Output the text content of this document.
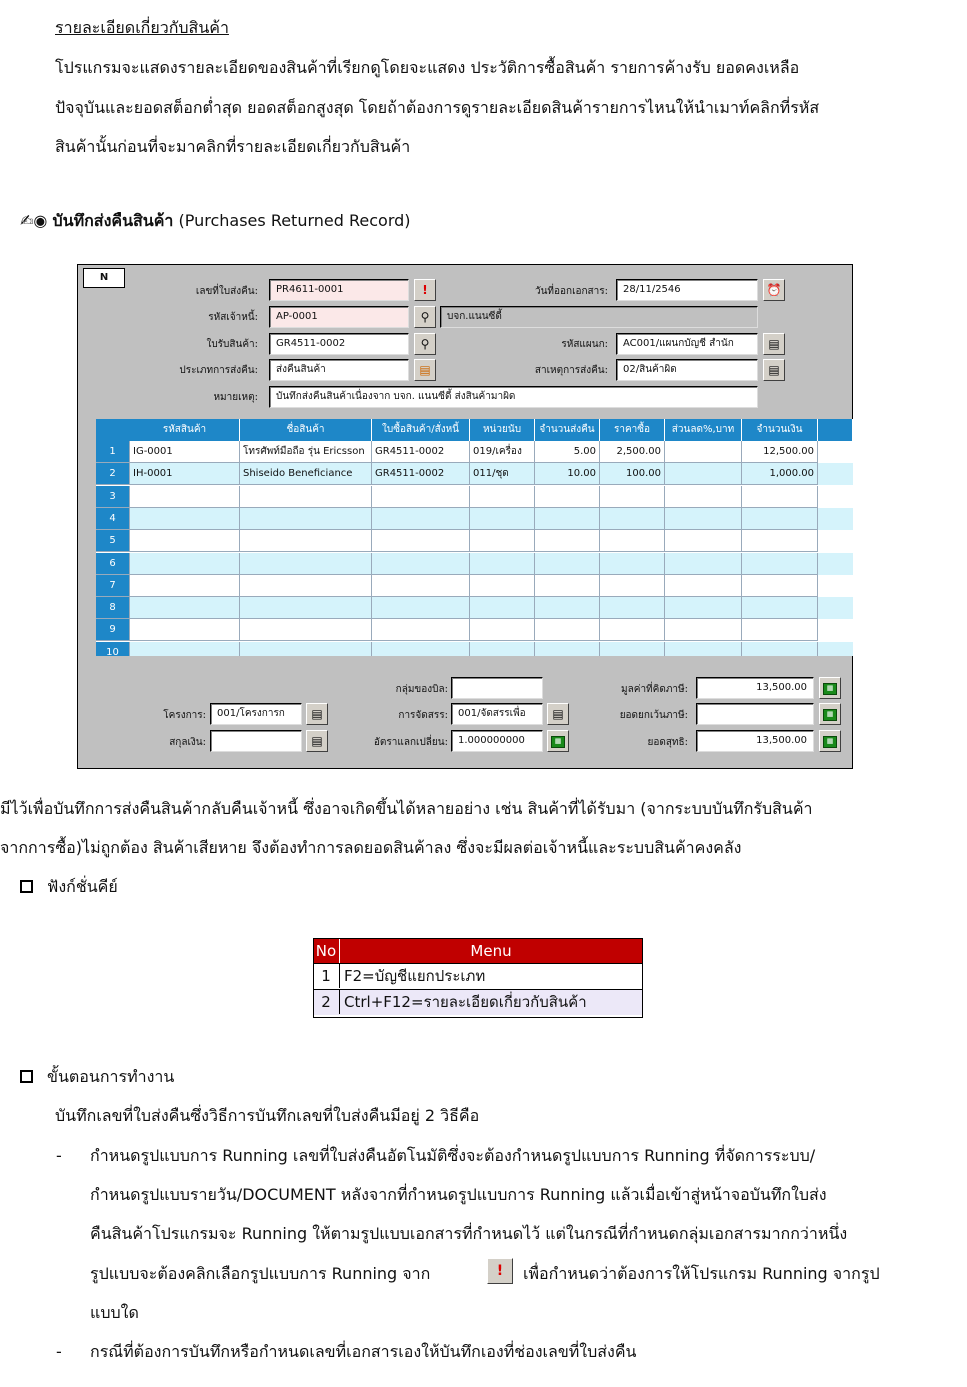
รายละเอียดเกี่ยวกับสินค้า
โปรแกรมจะแสดงรายละเอียดของสินค้าที่เรียกดูโดยจะแสดง ประวัติการซื้อสินค้า รายการค้างรับ ยอดคงเหลือ
ปัจจุบันและยอดสต็อกต่ำสุด ยอดสต็อกสูงสุด โดยถ้าต้องการดูรายละเอียดสินค้ารายการไหนให้นำเมาท์คลิกที่รหัส
สินค้านั้นก่อนที่จะมาคลิกที่รายละเอียดเกี่ยวกับสินค้า
✍◉ บันทึกส่งคืนสินค้า (Purchases Returned Record)
N
เลขที่ใบส่งคืน:	PR4611-0001	!	วันที่ออกเอกสาร:	28/11/2546	⏰
รหัสเจ้าหนี้:	AP-0001	⚲	บจก.แนนซีดี้
ใบรับสินค้า:	GR4511-0002	⚲	รหัสแผนก:	AC001/แผนกบัญชี สำนัก	▤
ประเภทการส่งคืน:	ส่งคืนสินค้า	▤	สาเหตุการส่งคืน:	02/สินค้าผิด	▤
หมายเหตุ:	บันทึกส่งคืนสินค้าเนื่องจาก บจก. แนนซีดี้ ส่งสินค้ามาผิด
รหัสสินค้า	ชื่อสินค้า	ใบซื้อสินค้า/สั่งหนี้	หน่วยนับ	จำนวนส่งคืน	ราคาซื้อ	ส่วนลด%,บาท	จำนวนเงิน
1	IG-0001	โทรศัพท์มือถือ รุ่น Ericsson	GR4511-0002	019/เครื่อง	5.00	2,500.00	12,500.00
2	IH-0001	Shiseido Beneficiance	GR4511-0002	011/ชุด	10.00	100.00	1,000.00
3
4
5
6
7
8
9
10
กลุ่มของบิล:	มูลค่าที่คิดภาษี:	13,500.00	▦
โครงการ:	001/โครงการก	▤	การจัดสรร:	001/จัดสรรเพื่อ	▤	ยอดยกเว้นภาษี:	▦
สกุลเงิน:	▤	อัตราแลกเปลี่ยน:	1.000000000	▦	ยอดสุทธิ:	13,500.00	▦
มีไว้เพื่อบันทึกการส่งคืนสินค้ากลับคืนเจ้าหนี้ ซึ่งอาจเกิดขึ้นได้หลายอย่าง เช่น สินค้าที่ได้รับมา (จากระบบบันทึกรับสินค้า
จากการซื้อ)ไม่ถูกต้อง สินค้าเสียหาย จึงต้องทำการลดยอดสินค้าลง ซึ่งจะมีผลต่อเจ้าหนี้และระบบสินค้าคงคลัง
ฟังก์ชั่นคีย์
No	Menu
1 F2=บัญชีแยกประเภท
2 Ctrl+F12=รายละเอียดเกี่ยวกับสินค้า
ขั้นตอนการทำงาน
บันทึกเลขที่ใบส่งคืนซึ่งวิธีการบันทึกเลขที่ใบส่งคืนมีอยู่ 2 วิธีคือ
- กำหนดรูปแบบการ Running เลขที่ใบส่งคืนอัตโนมัติซึ่งจะต้องกำหนดรูปแบบการ Running ที่จัดการระบบ/
กำหนดรูปแบบรายวัน/DOCUMENT หลังจากที่กำหนดรูปแบบการ Running แล้วเมื่อเข้าสู่หน้าจอบันทึกใบส่ง
คืนสินค้าโปรแกรมจะ Running ให้ตามรูปแบบเอกสารที่กำหนดไว้ แต่ในกรณีที่กำหนดกลุ่มเอกสารมากกว่าหนึ่ง
รูปแบบจะต้องคลิกเลือกรูปแบบการ Running จาก	!	เพื่อกำหนดว่าต้องการให้โปรแกรม Running จากรูป
แบบใด
- กรณีที่ต้องการบันทึกหรือกำหนดเลขที่เอกสารเองให้บันทึกเองที่ช่องเลขที่ใบส่งคืน
